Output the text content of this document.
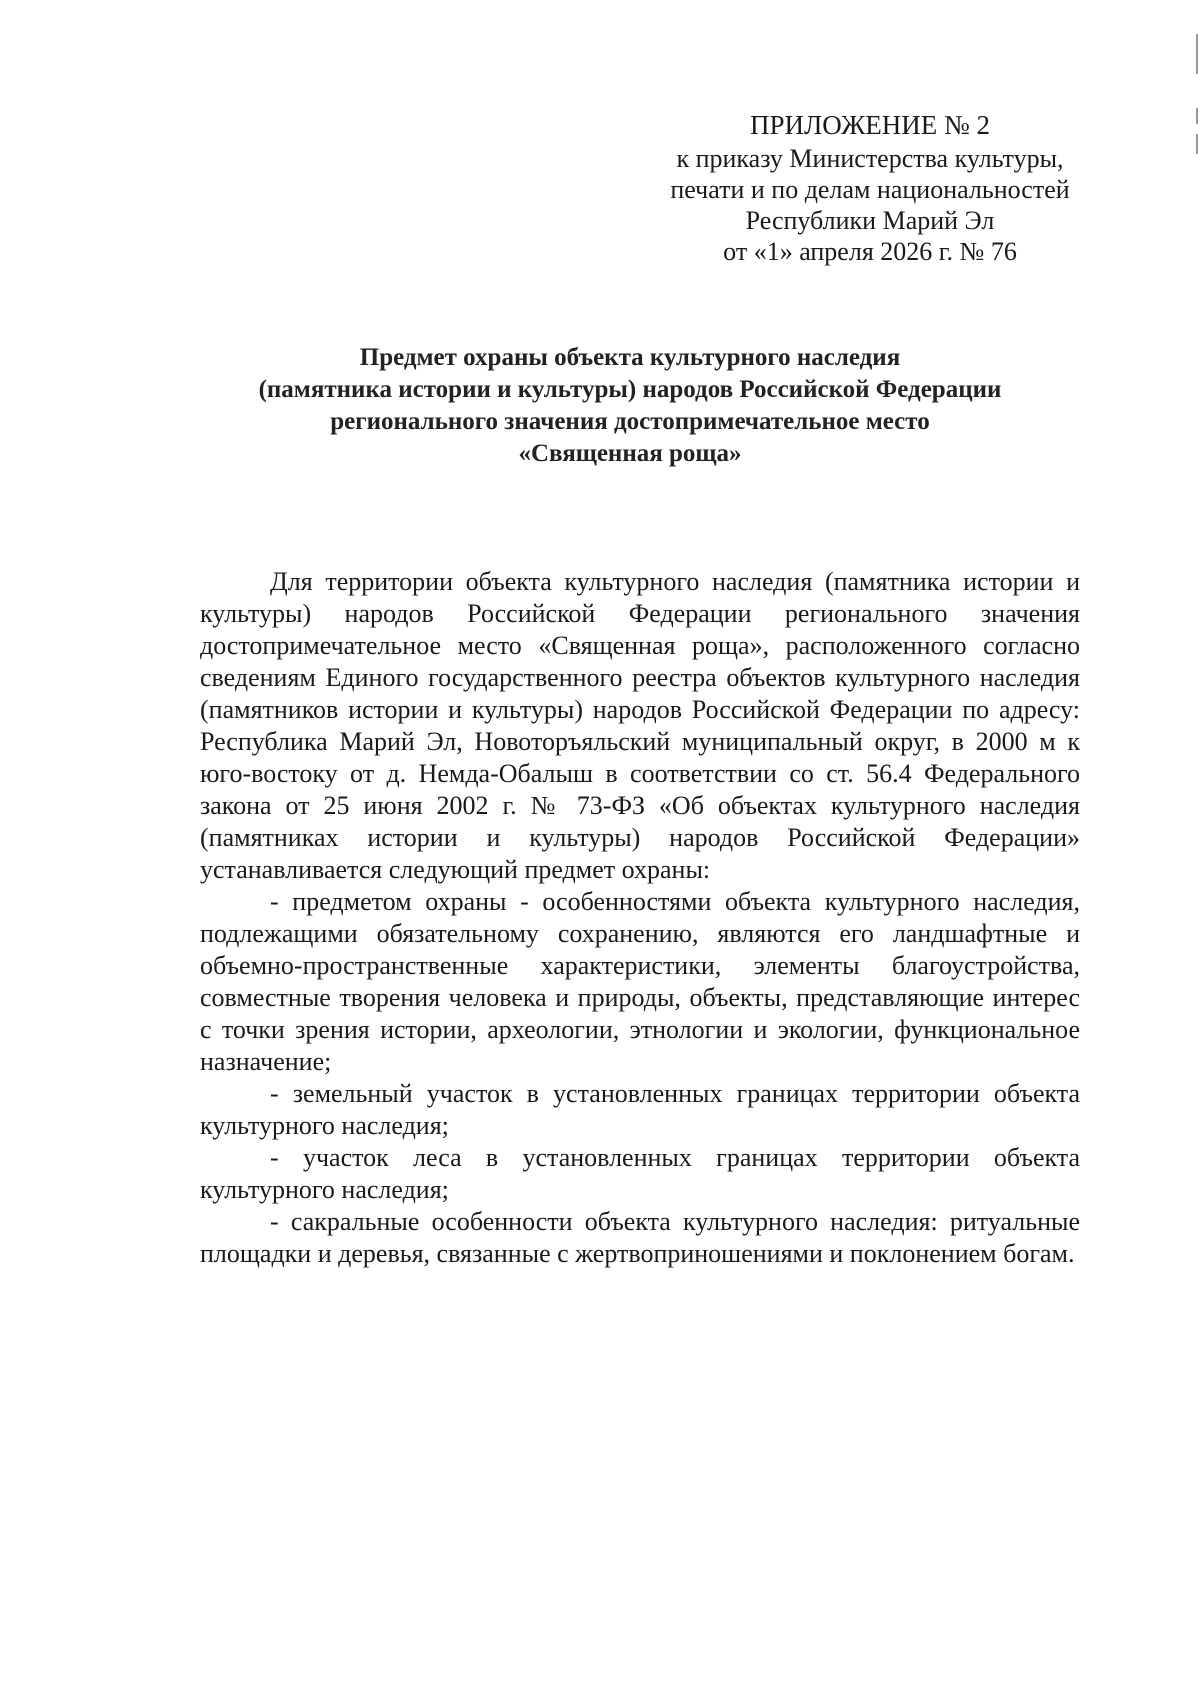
ПРИЛОЖЕНИЕ № 2
к приказу Министерства культуры,
печати и по делам национальностей
Республики Марий Эл
от «1» апреля 2026 г. № 76
Предмет охраны объекта культурного наследия
(памятника истории и культуры) народов Российской Федерации
регионального значения достопримечательное место
«Священная роща»

Для территории объекта культурного наследия (памятника истории и культуры) народов Российской Федерации регионального значения достопримечательное место «Священная роща», расположенного согласно сведениям Единого государственного реестра объектов культурного наследия (памятников истории и культуры) народов Российской Федерации по адресу: Республика Марий Эл, Новоторъяльский муниципальный округ, в 2000 м к юго-востоку от д. Немда-Обалыш в соответствии со ст. 56.4 Федерального закона от 25 июня 2002 г. № 73-ФЗ «Об объектах культурного наследия (памятниках истории и культуры) народов Российской Федерации» устанавливается следующий предмет охраны:

- предметом охраны - особенностями объекта культурного наследия, подлежащими обязательному сохранению, являются его ландшафтные и объемно-пространственные характеристики, элементы благоустройства, совместные творения человека и природы, объекты, представляющие интерес с точки зрения истории, археологии, этнологии и экологии, функциональное назначение;

- земельный участок в установленных границах территории объекта культурного наследия;

- участок леса в установленных границах территории объекта культурного наследия;

- сакральные особенности объекта культурного наследия: ритуальные площадки и деревья, связанные с жертвоприношениями и поклонением богам.
